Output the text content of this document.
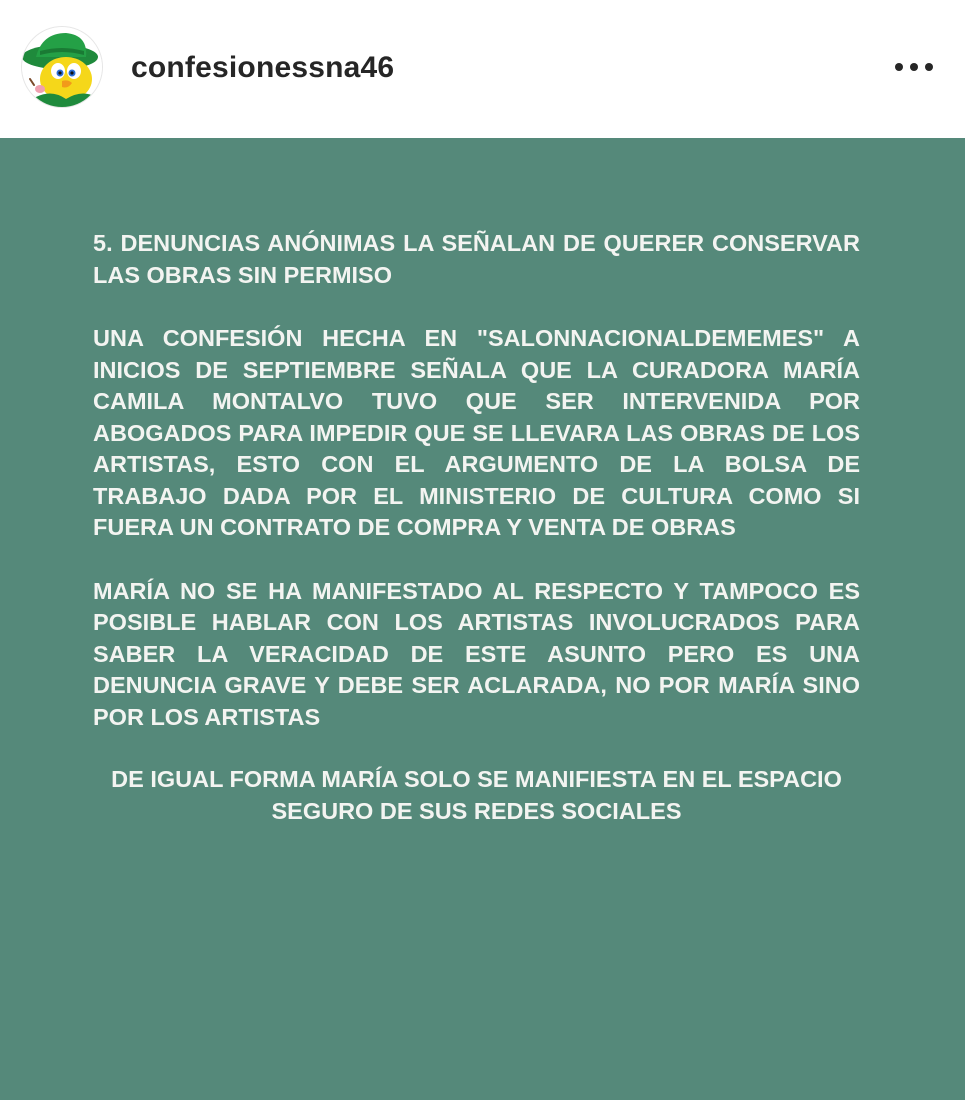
confesionessna46

5. DENUNCIAS ANÓNIMAS LA SEÑALAN DE QUERER CONSERVAR LAS OBRAS SIN PERMISO

UNA CONFESIÓN HECHA EN "SALONNACIONALDEMEMES" A INICIOS DE SEPTIEMBRE SEÑALA QUE LA CURADORA MARÍA CAMILA MONTALVO TUVO QUE SER INTERVENIDA POR ABOGADOS PARA IMPEDIR QUE SE LLEVARA LAS OBRAS DE LOS ARTISTAS, ESTO CON EL ARGUMENTO DE LA BOLSA DE TRABAJO DADA POR EL MINISTERIO DE CULTURA COMO SI FUERA UN CONTRATO DE COMPRA Y VENTA DE OBRAS

MARÍA NO SE HA MANIFESTADO AL RESPECTO Y TAMPOCO ES POSIBLE HABLAR CON LOS ARTISTAS INVOLUCRADOS PARA SABER LA VERACIDAD DE ESTE ASUNTO PERO ES UNA DENUNCIA GRAVE Y DEBE SER ACLARADA, NO POR MARÍA SINO POR LOS ARTISTAS

DE IGUAL FORMA MARÍA SOLO SE MANIFIESTA EN EL ESPACIO SEGURO DE SUS REDES SOCIALES
